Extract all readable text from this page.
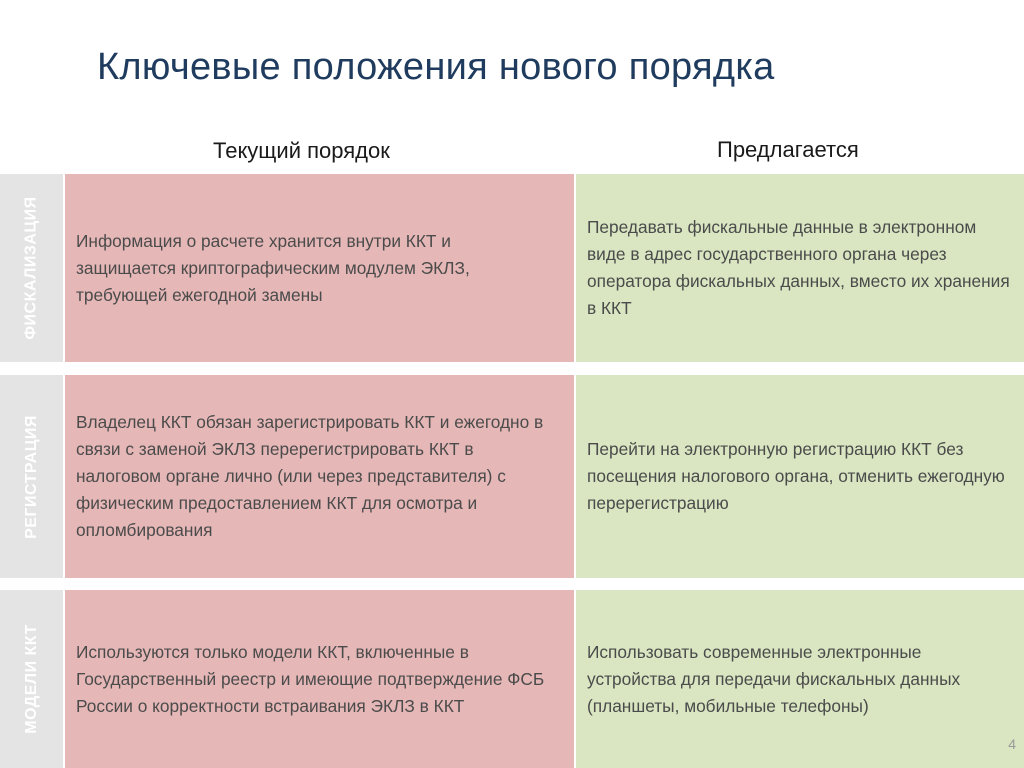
Ключевые положения нового порядка
Текущий порядок	Предлагается
ФИСКАЛИЗАЦИЯ Информация о расчете хранится внутри ККТ и защищается криптографическим модулем ЭКЛЗ, требующей ежегодной замены

Передавать фискальные данные в электронном виде в адрес государственного органа через оператора фискальных данных, вместо их хранения в ККТ

РЕГИСТРАЦИЯ Владелец ККТ обязан зарегистрировать ККТ и ежегодно в связи с заменой ЭКЛЗ перерегистрировать ККТ в налоговом органе лично (или через представителя) с физическим предоставлением ККТ для осмотра и опломбирования

Перейти на электронную регистрацию ККТ без посещения налогового органа, отменить ежегодную перерегистрацию

МОДЕЛИ ККТ Используются только модели ККТ, включенные в Государственный реестр и имеющие подтверждение ФСБ России о корректности встраивания ЭКЛЗ в ККТ

Использовать современные электронные устройства для передачи фискальных данных (планшеты, мобильные телефоны)

4
